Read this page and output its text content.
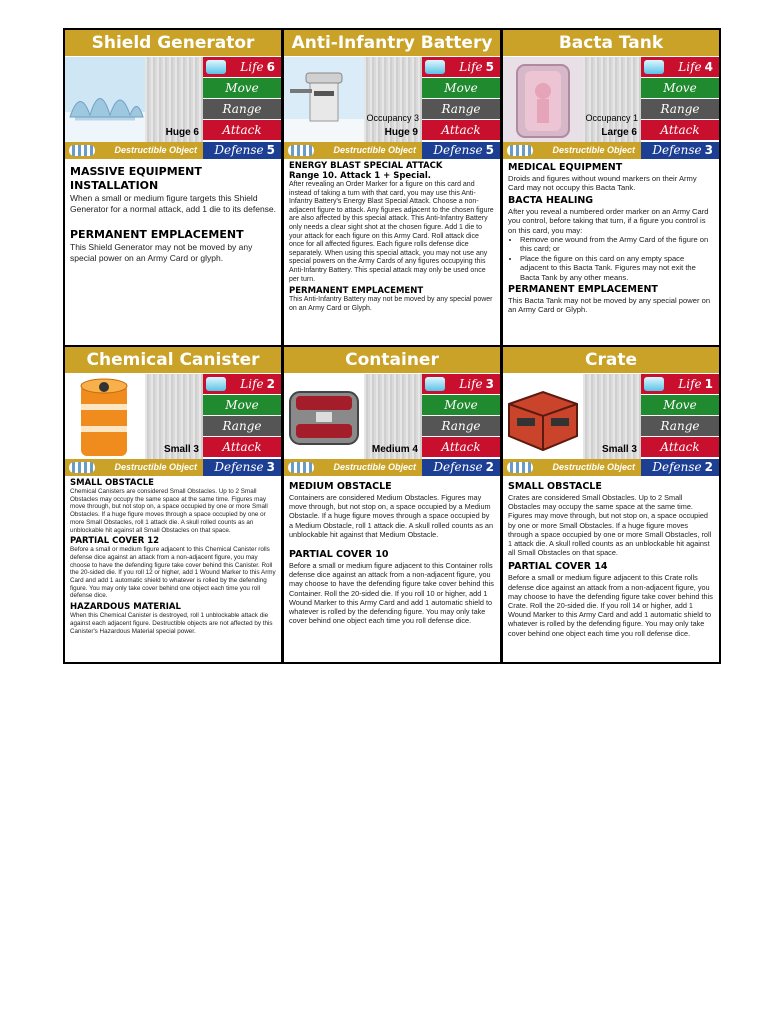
Shield Generator
Huge 6
Life 6
Move
Range
Attack
Destructible Object	Defense 5
MASSIVE EQUIPMENT INSTALLATION
When a small or medium figure targets this Shield Generator for a normal attack, add 1 die to its defense.
PERMANENT EMPLACEMENT
This Shield Generator may not be moved by any special power on an Army Card or glyph.
Anti-Infantry Battery
Occupancy 3
Huge 9
Life 5
Move
Range
Attack
Destructible Object	Defense 5
ENERGY BLAST SPECIAL ATTACK
Range 10. Attack 1 + Special.
After revealing an Order Marker for a figure on this card and instead of taking a turn with that card, you may use this Anti-Infantry Battery's Energy Blast Special Attack. Choose a non-adjacent figure to attack. Any figures adjacent to the chosen figure are also affected by this special attack. This Anti-Infantry Battery only needs a clear sight shot at the chosen figure. Add 1 die to your attack for each figure on this Army Card. Roll attack dice once for all affected figures. Each figure rolls defense dice separately. When using this special attack, you may not use any special powers on the Army Cards of any figures occupying this Anti-Infantry Battery. This special attack may only be used once per turn.
PERMANENT EMPLACEMENT
This Anti-Infantry Battery may not be moved by any special power on an Army Card or Glyph.
Bacta Tank
Occupancy 1
Large 6
Life 4
Move
Range
Attack
Destructible Object	Defense 3
MEDICAL EQUIPMENT
Droids and figures without wound markers on their Army Card may not occupy this Bacta Tank.
BACTA HEALING
After you reveal a numbered order marker on an Army Card you control, before taking that turn, if a figure you control is on this card, you may:
• Remove one wound from the Army Card of the figure on this card; or
• Place the figure on this card on any empty space adjacent to this Bacta Tank. Figures may not exit the Bacta Tank by any other means.
PERMANENT EMPLACEMENT
This Bacta Tank may not be moved by any special power on an Army Card or Glyph.
Chemical Canister
Small 3
Life 2
Move
Range
Attack
Destructible Object	Defense 3
SMALL OBSTACLE
Chemical Canisters are considered Small Obstacles. Up to 2 Small Obstacles may occupy the same space at the same time. Figures may move through, but not stop on, a space occupied by one or more Small Obstacles. If a huge figure moves through a space occupied by one or more Small Obstacles, roll 1 attack die. A skull rolled counts as an unblockable hit against all Small Obstacles on that space.
PARTIAL COVER 12
Before a small or medium figure adjacent to this Chemical Canister rolls defense dice against an attack from a non-adjacent figure, you may choose to have the defending figure take cover behind this Canister. Roll the 20-sided die. If you roll 12 or higher, add 1 Wound Marker to this Army Card and add 1 automatic shield to whatever is rolled by the defending figure. You may only take cover behind one object each time you roll defense dice.
HAZARDOUS MATERIAL
When this Chemical Canister is destroyed, roll 1 unblockable attack die against each adjacent figure. Destructible objects are not affected by this Canister's Hazardous Material special power.
Container
Medium 4
Life 3
Move
Range
Attack
Destructible Object	Defense 2
MEDIUM OBSTACLE
Containers are considered Medium Obstacles. Figures may move through, but not stop on, a space occupied by a Medium Obstacle. If a huge figure moves through a space occupied by a Medium Obstacle, roll 1 attack die. A skull rolled counts as an unblockable hit against that Medium Obstacle.
PARTIAL COVER 10
Before a small or medium figure adjacent to this Container rolls defense dice against an attack from a non-adjacent figure, you may choose to have the defending figure take cover behind this Container. Roll the 20-sided die. If you roll 10 or higher, add 1 Wound Marker to this Army Card and add 1 automatic shield to whatever is rolled by the defending figure. You may only take cover behind one object each time you roll defense dice.
Crate
Small 3
Life 1
Move
Range
Attack
Destructible Object	Defense 2
SMALL OBSTACLE
Crates are considered Small Obstacles. Up to 2 Small Obstacles may occupy the same space at the same time. Figures may move through, but not stop on, a space occupied by one or more Small Obstacles. If a huge figure moves through a space occupied by one or more Small Obstacles, roll 1 attack die. A skull rolled counts as an unblockable hit against all Small Obstacles on that space.
PARTIAL COVER 14
Before a small or medium figure adjacent to this Crate rolls defense dice against an attack from a non-adjacent figure, you may choose to have the defending figure take cover behind this Crate. Roll the 20-sided die. If you roll 14 or higher, add 1 Wound Marker to this Army Card and add 1 automatic shield to whatever is rolled by the defending figure. You may only take cover behind one object each time you roll defense dice.
